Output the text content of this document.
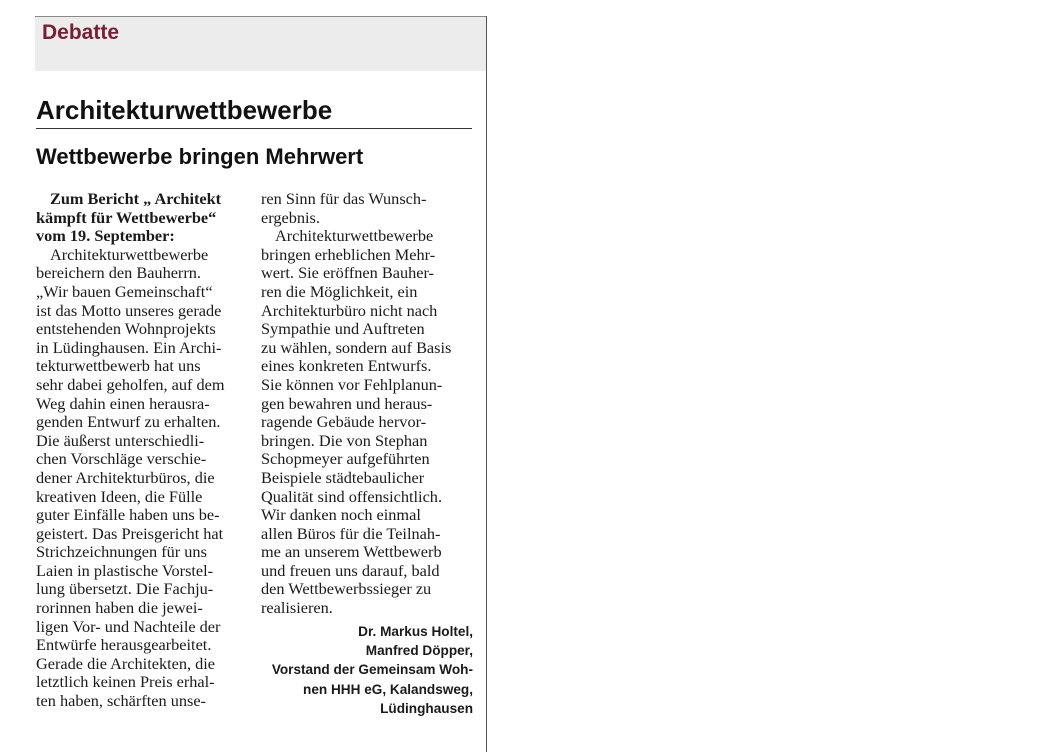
Debatte
Architekturwettbewerbe
Wettbewerbe bringen Mehrwert
Zum Bericht „ Architekt
kämpft für Wettbewerbe“
vom 19. September:
Architekturwettbewerbe
bereichern den Bauherrn.
„Wir bauen Gemeinschaft“
ist das Motto unseres gerade
entstehenden Wohnprojekts
in Lüdinghausen. Ein Archi-
tekturwettbewerb hat uns
sehr dabei geholfen, auf dem
Weg dahin einen herausra-
genden Entwurf zu erhalten.
Die äußerst unterschiedli-
chen Vorschläge verschie-
dener Architekturbüros, die
kreativen Ideen, die Fülle
guter Einfälle haben uns be-
geistert. Das Preisgericht hat
Strichzeichnungen für uns
Laien in plastische Vorstel-
lung übersetzt. Die Fachju-
rorinnen haben die jewei-
ligen Vor- und Nachteile der
Entwürfe herausgearbeitet.
Gerade die Architekten, die
letztlich keinen Preis erhal-
ten haben, schärften unse-
ren Sinn für das Wunsch-
ergebnis.
Architekturwettbewerbe
bringen erheblichen Mehr-
wert. Sie eröffnen Bauher-
ren die Möglichkeit, ein
Architekturbüro nicht nach
Sympathie und Auftreten
zu wählen, sondern auf Basis
eines konkreten Entwurfs.
Sie können vor Fehlplanun-
gen bewahren und heraus-
ragende Gebäude hervor-
bringen. Die von Stephan
Schopmeyer aufgeführten
Beispiele städtebaulicher
Qualität sind offensichtlich.
Wir danken noch einmal
allen Büros für die Teilnah-
me an unserem Wettbewerb
und freuen uns darauf, bald
den Wettbewerbssieger zu
realisieren.
Dr. Markus Holtel,
Manfred Döpper,
Vorstand der Gemeinsam Woh-
nen HHH eG, Kalandsweg,
Lüdinghausen
